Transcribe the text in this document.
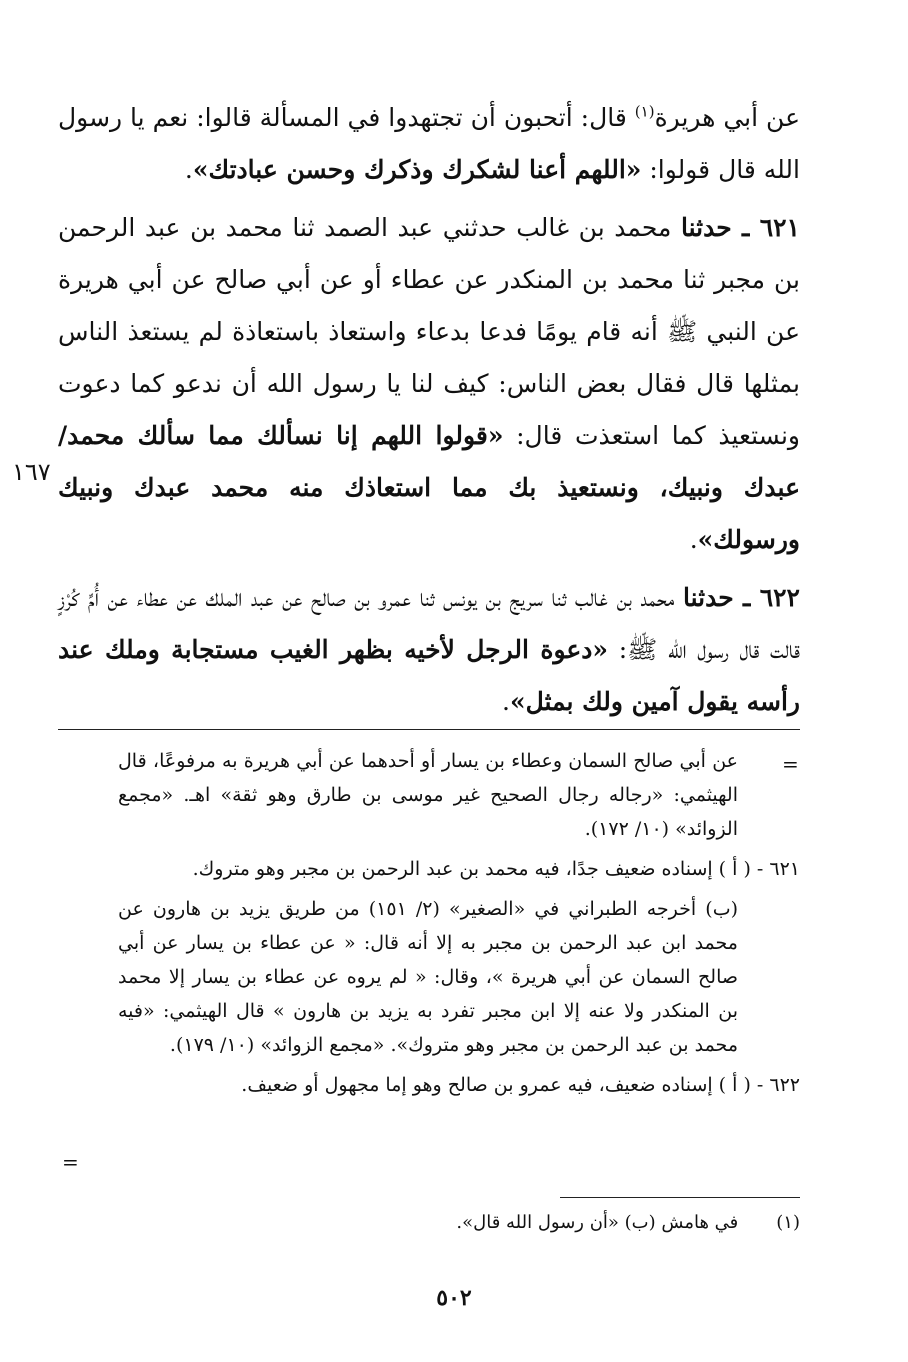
عن أبي هريرة$^{(١)}$ قال: أتحبون أن تجتهدوا في المسألة قالوا: نعم يا رسول الله قال قولوا: «اللهم أعنا لشكرك وذكرك وحسن عبادتك».

٦٢١ ـ حدثنا محمد بن غالب حدثني عبد الصمد ثنا محمد بن عبد الرحمن بن مجبر ثنا محمد بن المنكدر عن عطاء أو عن أبي صالح عن أبي هريرة عن النبي ﷺ أنه قام يومًا فدعا بدعاء واستعاذ باستعاذة لم يستعذ الناس بمثلها قال فقال بعض الناس: كيف لنا يا رسول الله أن ندعو كما دعوت ونستعيذ كما استعذت قال: «قولوا اللهم إنا نسألك مما سألك محمد/ عبدك ونبيك، ونستعيذ بك مما استعاذك منه محمد عبدك ونبيك ورسولك».

٦٢٢ ـ حدثنا محمد بن غالب ثنا سريج بن يونس ثنا عمرو بن صالح عن عبد الملك عن عطاء عن أُمِّ كُرْزٍ قالت قال رسول الله ﷺ: «دعوة الرجل لأخيه بظهر الغيب مستجابة وملك عند رأسه يقول آمين ولك بمثل».

١٦٧
=

عن أبي صالح السمان وعطاء بن يسار أو أحدهما عن أبي هريرة به مرفوعًا، قال الهيثمي: «رجاله رجال الصحيح غير موسى بن طارق وهو ثقة» اهـ. «مجمع الزوائد» (١٠/ ١٧٢).

٦٢١ - ( أ ) إسناده ضعيف جدًا، فيه محمد بن عبد الرحمن بن مجبر وهو متروك.

(ب) أخرجه الطبراني في «الصغير» (٢/ ١٥١) من طريق يزيد بن هارون عن محمد ابن عبد الرحمن بن مجبر به إلا أنه قال: « عن عطاء بن يسار عن أبي صالح السمان عن أبي هريرة »، وقال: « لم يروه عن عطاء بن يسار إلا محمد بن المنكدر ولا عنه إلا ابن مجبر تفرد به يزيد بن هارون » قال الهيثمي: «فيه محمد بن عبد الرحمن بن مجبر وهو متروك». «مجمع الزوائد» (١٠/ ١٧٩).

٦٢٢ - ( أ ) إسناده ضعيف، فيه عمرو بن صالح وهو إما مجهول أو ضعيف.

=
(١)في هامش (ب) «أن رسول الله قال».
٥٠٢
